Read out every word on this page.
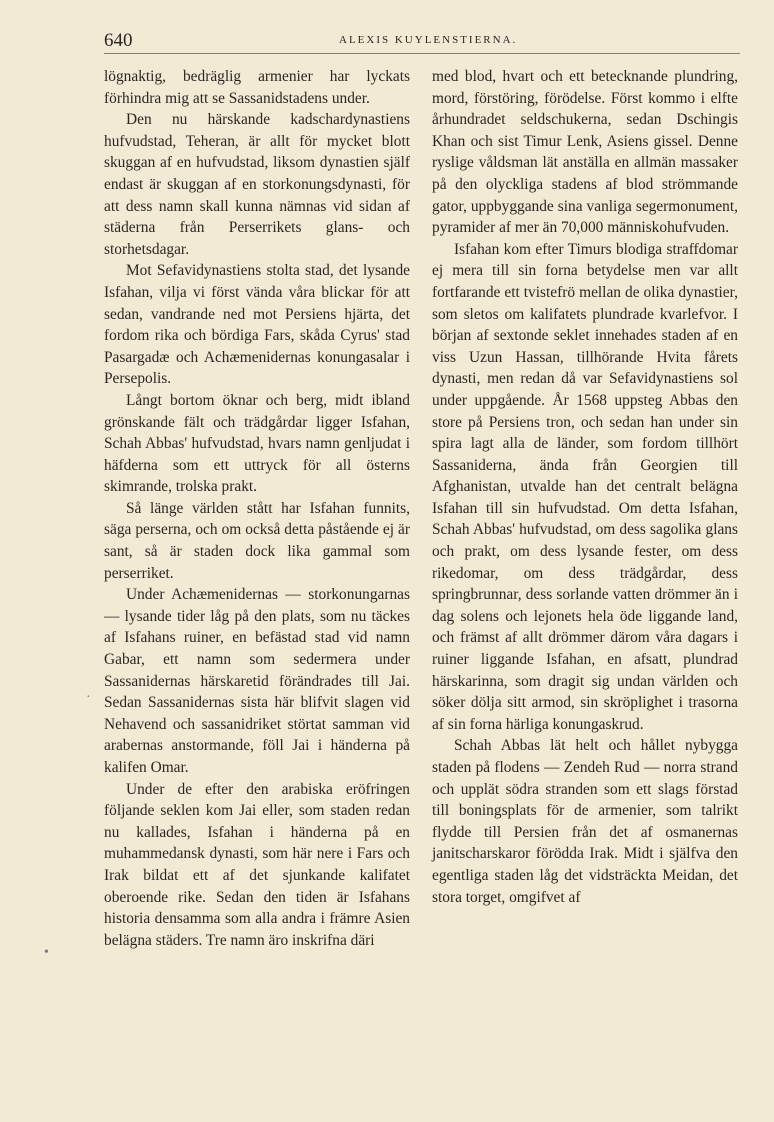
640	ALEXIS KUYLENSTIERNA.

lögnaktig, bedräglig armenier har lyckats förhindra mig att se Sassanidstadens under.

Den nu härskande kadschardynastiens hufvudstad, Teheran, är allt för mycket blott skuggan af en hufvudstad, liksom dynastien själf endast är skuggan af en storkonungsdynasti, för att dess namn skall kunna nämnas vid sidan af städerna från Perserrikets glans- och storhetsdagar.

Mot Sefavidynastiens stolta stad, det lysande Isfahan, vilja vi först vända våra blickar för att sedan, vandrande ned mot Persiens hjärta, det fordom rika och bördiga Fars, skåda Cyrus' stad Pasargadæ och Achæmenidernas konungasalar i Persepolis.

Långt bortom öknar och berg, midt ibland grönskande fält och trädgårdar ligger Isfahan, Schah Abbas' hufvudstad, hvars namn genljudat i häfderna som ett uttryck för all österns skimrande, trolska prakt.

Så länge världen stått har Isfahan funnits, säga perserna, och om också detta påstående ej är sant, så är staden dock lika gammal som perserriket.

Under Achæmenidernas — storkonungarnas — lysande tider låg på den plats, som nu täckes af Isfahans ruiner, en befästad stad vid namn Gabar, ett namn som sedermera under Sassanidernas härskaretid förändrades till Jai. Sedan Sassanidernas sista här blifvit slagen vid Nehavend och sassanidriket störtat samman vid arabernas anstormande, föll Jai i händerna på kalifen Omar.

Under de efter den arabiska eröfringen följande seklen kom Jai eller, som staden redan nu kallades, Isfahan i händerna på en muhammedansk dynasti, som här nere i Fars och Irak bildat ett af det sjunkande kalifatet oberoende rike. Sedan den tiden är Isfahans historia densamma som alla andra i främre Asien belägna städers. Tre namn äro inskrifna däri

med blod, hvart och ett betecknande plundring, mord, förstöring, förödelse. Först kommo i elfte århundradet seldschukerna, sedan Dschingis Khan och sist Timur Lenk, Asiens gissel. Denne ryslige våldsman lät anställa en allmän massaker på den olyckliga stadens af blod strömmande gator, uppbyggande sina vanliga segermonument, pyramider af mer än 70,000 människohufvuden.

Isfahan kom efter Timurs blodiga straffdomar ej mera till sin forna betydelse men var allt fortfarande ett tvistefrö mellan de olika dynastier, som sletos om kalifatets plundrade kvarlefvor. I början af sextonde seklet innehades staden af en viss Uzun Hassan, tillhörande Hvita fårets dynasti, men redan då var Sefavidynastiens sol under uppgående. År 1568 uppsteg Abbas den store på Persiens tron, och sedan han under sin spira lagt alla de länder, som fordom tillhört Sassaniderna, ända från Georgien till Afghanistan, utvalde han det centralt belägna Isfahan till sin hufvudstad. Om detta Isfahan, Schah Abbas' hufvudstad, om dess sagolika glans och prakt, om dess lysande fester, om dess rikedomar, om dess trädgårdar, dess springbrunnar, dess sorlande vatten drömmer än i dag solens och lejonets hela öde liggande land, och främst af allt drömmer därom våra dagars i ruiner liggande Isfahan, en afsatt, plundrad härskarinna, som dragit sig undan världen och söker dölja sitt armod, sin skröplighet i trasorna af sin forna härliga konungaskrud.

Schah Abbas lät helt och hållet nybygga staden på flodens — Zendeh Rud — norra strand och upplät södra stranden som ett slags förstad till boningsplats för de armenier, som talrikt flydde till Persien från det af osmanernas janitscharskaror förödda Irak. Midt i själfva den egentliga staden låg det vidsträckta Meidan, det stora torget, omgifvet af

·
•
